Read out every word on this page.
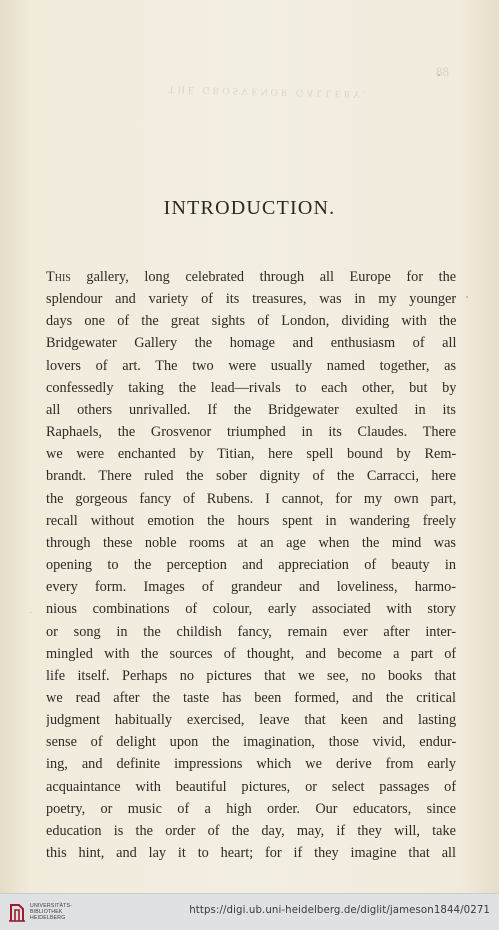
THE GROSVENOR GALLERY.
88
INTRODUCTION.

This gallery, long celebrated through all Europe for the
splendour and variety of its treasures, was in my younger
days one of the great sights of London, dividing with the
Bridgewater Gallery the homage and enthusiasm of all
lovers of art. The two were usually named together, as
confessedly taking the lead—rivals to each other, but by
all others unrivalled. If the Bridgewater exulted in its
Raphaels, the Grosvenor triumphed in its Claudes. There
we were enchanted by Titian, here spell bound by Rem-
brandt. There ruled the sober dignity of the Carracci, here
the gorgeous fancy of Rubens. I cannot, for my own part,
recall without emotion the hours spent in wandering freely
through these noble rooms at an age when the mind was
opening to the perception and appreciation of beauty in
every form. Images of grandeur and loveliness, harmo-
nious combinations of colour, early associated with story
or song in the childish fancy, remain ever after inter-
mingled with the sources of thought, and become a part of
life itself. Perhaps no pictures that we see, no books that
we read after the taste has been formed, and the critical
judgment habitually exercised, leave that keen and lasting
sense of delight upon the imagination, those vivid, endur-
ing, and definite impressions which we derive from early
acquaintance with beautiful pictures, or select passages of
poetry, or music of a high order. Our educators, since
education is the order of the day, may, if they will, take
this hint, and lay it to heart; for if they imagine that all

UNIVERSITÄTS-
BIBLIOTHEK
HEIDELBERG
https://digi.ub.uni-heidelberg.de/diglit/jameson1844/0271
